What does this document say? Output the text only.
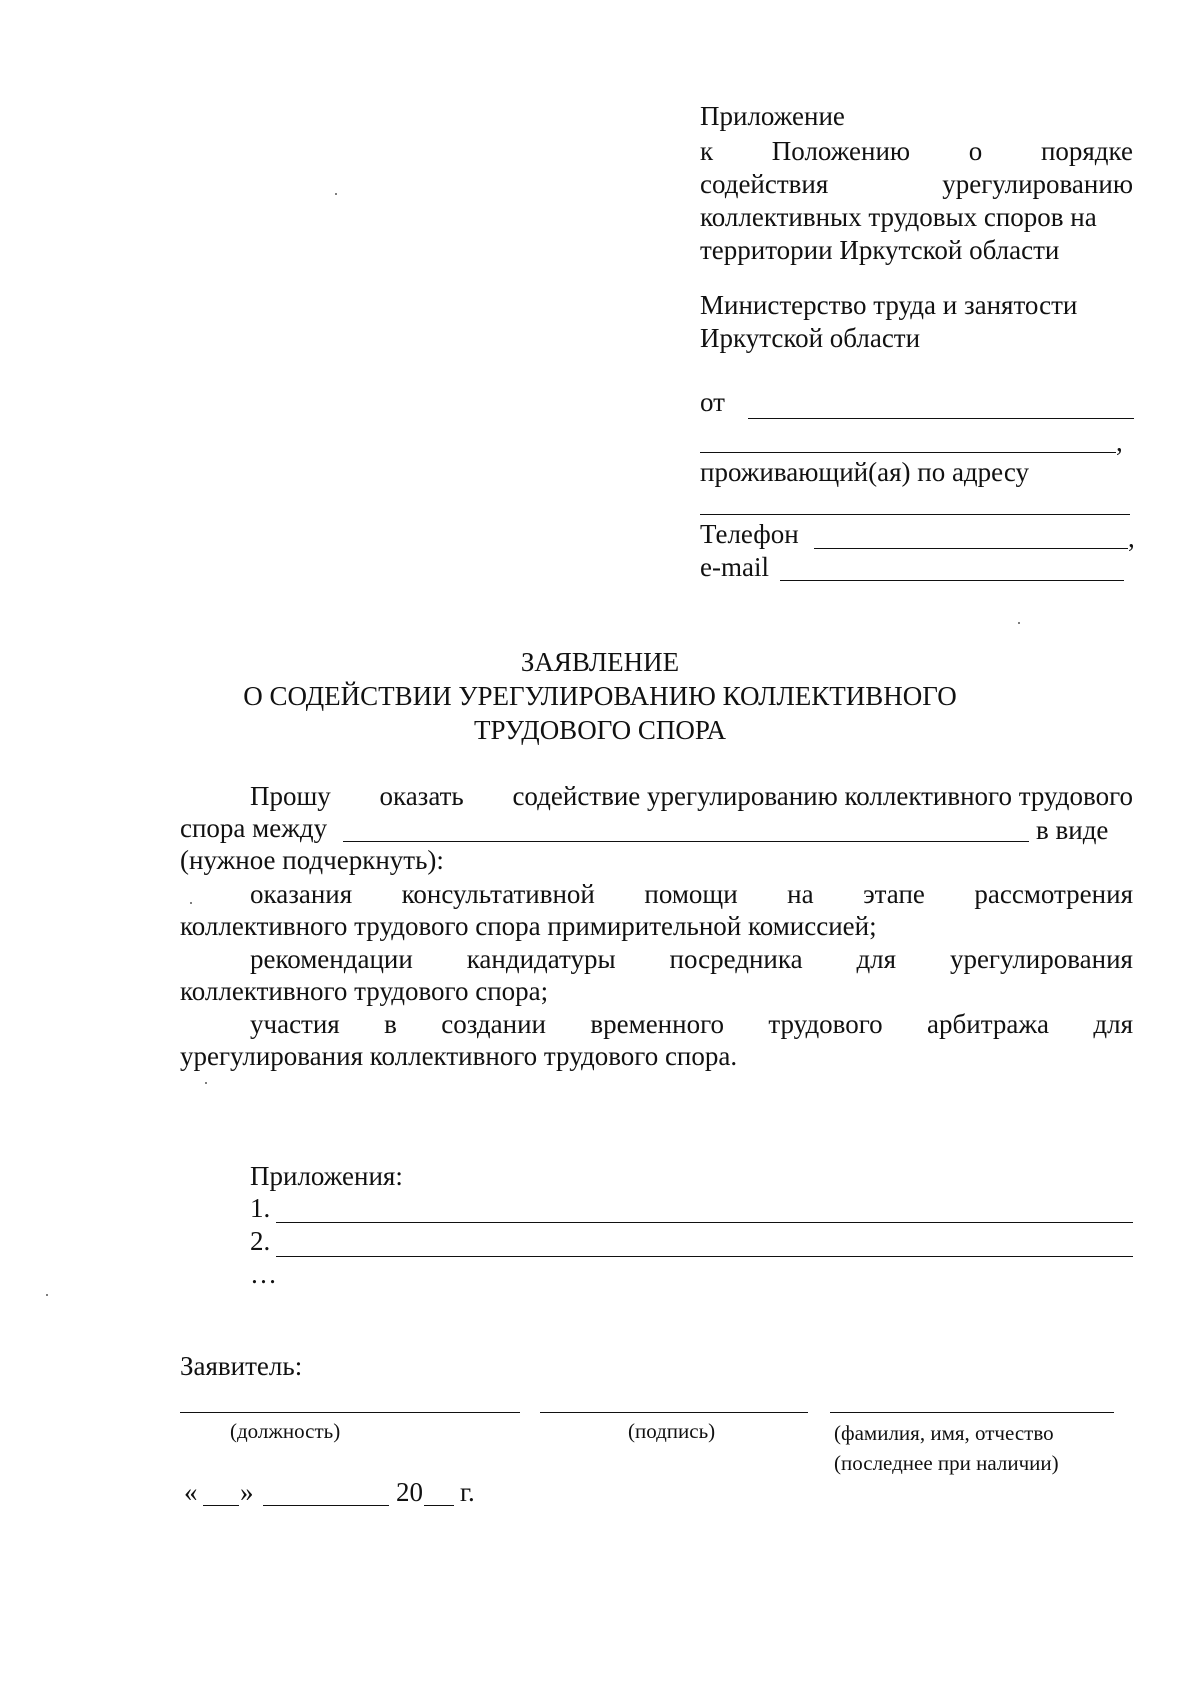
Приложение
к Положению о порядке
содействия	урегулированию
коллективных трудовых споров на
территории Иркутской области
Министерство труда и занятости
Иркутской области
от
,
проживающий(ая) по адресу
Телефон	,
e-mail
ЗАЯВЛЕНИЕ
О СОДЕЙСТВИИ УРЕГУЛИРОВАНИЮ КОЛЛЕКТИВНОГО
ТРУДОВОГО СПОРА
Прошу оказать содействие урегулированию коллективного трудового
спора между	в виде
(нужное подчеркнуть):
оказания консультативной помощи на этапе рассмотрения
коллективного трудового спора примирительной комиссией;
рекомендации кандидатуры посредника для урегулирования
коллективного трудового спора;
участия в создании временного трудового арбитража для
урегулирования коллективного трудового спора.
Приложения:
1.
2.
…
Заявитель:
(должность)	(подпись)	(фамилия, имя, отчество
(последнее при наличии)
« »	20 г.
